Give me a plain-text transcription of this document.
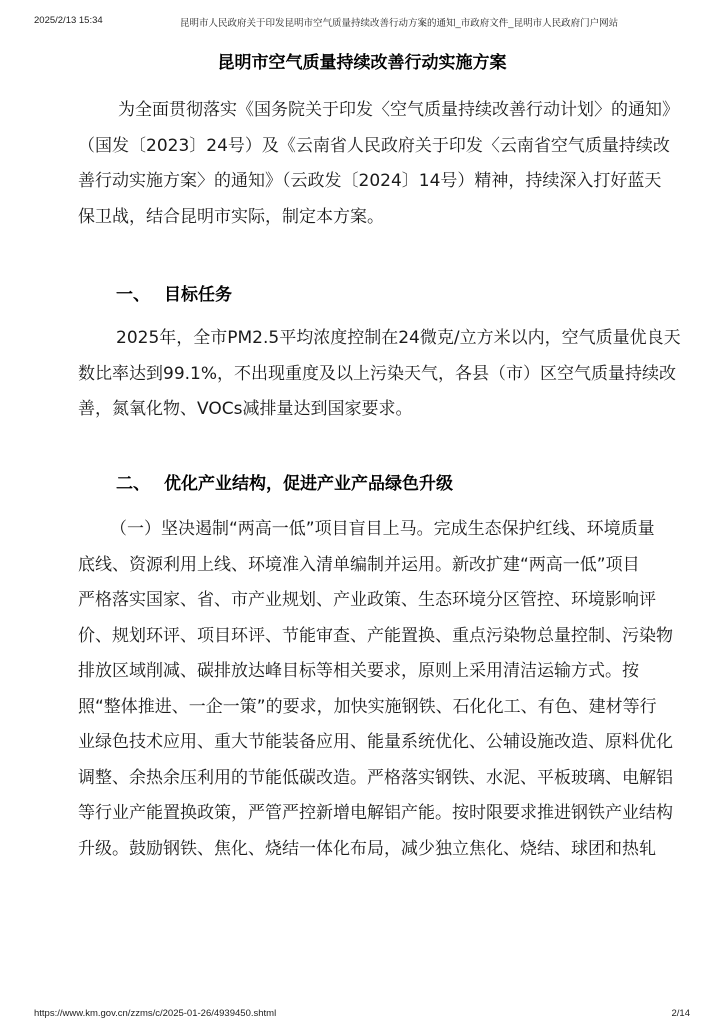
2025/2/13 15:34	昆明市人民政府关于印发昆明市空气质量持续改善行动方案的通知_市政府文件_昆明市人民政府门户网站
昆明市空气质量持续改善行动实施方案
为全面贯彻落实《国务院关于印发〈空气质量持续改善行动计划〉的通知》
（国发〔2023〕24号）及《云南省人民政府关于印发〈云南省空气质量持续改
善行动实施方案〉的通知》（云政发〔2024〕14号）精神，持续深入打好蓝天
保卫战，结合昆明市实际，制定本方案。
一、 目标任务
2025年，全市PM2.5平均浓度控制在24微克/立方米以内，空气质量优良天
数比率达到99.1%，不出现重度及以上污染天气，各县（市）区空气质量持续改
善，氮氧化物、VOCs减排量达到国家要求。
二、 优化产业结构，促进产业产品绿色升级
（一）坚决遏制“两高一低”项目盲目上马。完成生态保护红线、环境质量
底线、资源利用上线、环境准入清单编制并运用。新改扩建“两高一低”项目
严格落实国家、省、市产业规划、产业政策、生态环境分区管控、环境影响评
价、规划环评、项目环评、节能审查、产能置换、重点污染物总量控制、污染物
排放区域削减、碳排放达峰目标等相关要求，原则上采用清洁运输方式。按
照“整体推进、一企一策”的要求，加快实施钢铁、石化化工、有色、建材等行
业绿色技术应用、重大节能装备应用、能量系统优化、公辅设施改造、原料优化
调整、余热余压利用的节能低碳改造。严格落实钢铁、水泥、平板玻璃、电解铝
等行业产能置换政策，严管严控新增电解铝产能。按时限要求推进钢铁产业结构
升级。鼓励钢铁、焦化、烧结一体化布局，减少独立焦化、烧结、球团和热轧
https://www.km.gov.cn/zzms/c/2025-01-26/4939450.shtml	2/14
